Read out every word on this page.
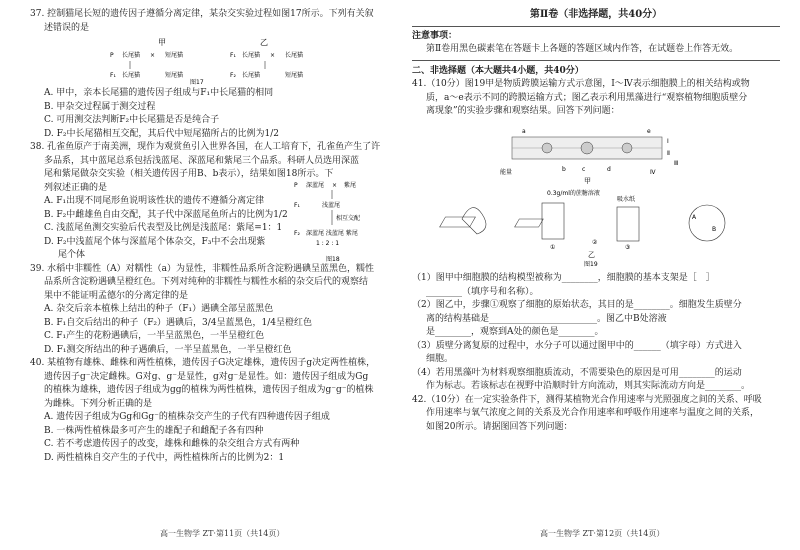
37. 控制猫尾长短的遗传因子遵循分离定律，某杂交实验过程如图17所示。下列有关叙

述错误的是

甲	乙
P 长尾猫 × 短尾猫
F₁ 长尾猫	短尾猫
F₁ 长尾猫 × 长尾猫
F₂ 长尾猫	短尾猫
图17

A. 甲中，亲本长尾猫的遗传因子组成与F₁中长尾猫的相同

B. 甲杂交过程属于测交过程

C. 可用测交法判断F₂中长尾猫是否是纯合子

D. F₂中长尾猫相互交配，其后代中短尾猫所占的比例为1/2

38. 孔雀鱼原产于南美洲，现作为观赏鱼引入世界各国，在人工培育下，孔雀鱼产生了许

多品系，其中蓝尾总系包括浅蓝尾、深蓝尾和紫尾三个品系。科研人员选用深蓝

尾和紫尾做杂交实验（相关遗传因子用B、b表示），结果如图18所示。下

列叙述正确的是

A. F₁出现不同尾形鱼说明该性状的遗传不遵循分离定律

B. F₂中雌雄鱼自由交配，其子代中深蓝尾鱼所占的比例为1/2

C. 浅蓝尾鱼测交实验后代表型及比例是浅蓝尾：紫尾=1：1

D. F₂中浅蓝尾个体与深蓝尾个体杂交，F₃中不会出现紫

尾个体

P 深蓝尾 × 紫尾
F₁	浅蓝尾
相互交配
F₂ 深蓝尾 浅蓝尾 紫尾
1 : 2 : 1
图18

39. 水稻中非糯性（A）对糯性（a）为显性，非糯性品系所含淀粉遇碘呈蓝黑色，糯性

品系所含淀粉遇碘呈橙红色。下列对纯种的非糯性与糯性水稻的杂交后代的观察结

果中不能证明孟德尔的分离定律的是

A. 杂交后亲本植株上结出的种子（F₁）遇碘全部呈蓝黑色

B. F₁自交后结出的种子（F₂）遇碘后，3/4呈蓝黑色，1/4呈橙红色

C. F₁产生的花粉遇碘后，一半呈蓝黑色，一半呈橙红色

D. F₁测交所结出的种子遇碘后，一半呈蓝黑色，一半呈橙红色

40. 某植物有雄株、雌株和两性植株，遗传因子G决定雄株，遗传因子g决定两性植株，

遗传因子g⁻决定雌株。G对g、g⁻是显性，g对g⁻是显性。如：遗传因子组成为Gg

的植株为雄株，遗传因子组成为gg的植株为两性植株，遗传因子组成为g⁻g⁻的植株

为雌株。下列分析正确的是

A. 遗传因子组成为Gg和Gg⁻的植株杂交产生的子代有四种遗传因子组成

B. 一株两性植株最多可产生的雄配子和雌配子各有四种

C. 若不考虑遗传因子的改变，雄株和雌株的杂交组合方式有两种

D. 两性植株自交产生的子代中，两性植株所占的比例为2：1

高一生物学 ZT·第11页（共14页）
第Ⅱ卷（非选择题，共40分）
注意事项：
第Ⅱ卷用黑色碳素笔在答题卡上各题的答题区域内作答，在试题卷上作答无效。
二、非选择题（本大题共4小题，共40分）

41.（10分）图19甲是物质跨膜运输方式示意图，Ⅰ～Ⅳ表示细胞膜上的相关结构或物

质，a～e表示不同的跨膜运输方式；图乙表示利用黑藻进行“观察植物细胞质壁分

离现象”的实验步骤和观察结果。回答下列问题：

a
b	c	d
e
Ⅰ
Ⅱ
Ⅲ
Ⅳ
能量
甲
0.3g/ml的蔗糖溶液
吸水纸
①
②
③
A
B
乙
图19

（1）图甲中细胞膜的结构模型被称为________，细胞膜的基本支架是［　］

________（填序号和名称）。

（2）图乙中，步骤①观察了细胞的原始状态，其目的是________。细胞发生质壁分

离的结构基础是________________________。图乙中B处溶液

是________，观察到A处的颜色是________。

（3）质壁分离复原的过程中，水分子可以通过图甲中的______（填字母）方式进入

细胞。

（4）若用黑藻叶为材料观察细胞质流动，不需要染色的原因是可用________的运动

作为标志。若该标志在视野中沿顺时针方向流动，则其实际流动方向是________。

42.（10分）在一定实验条件下，测得某植物光合作用速率与光照强度之间的关系、呼吸

作用速率与氧气浓度之间的关系及光合作用速率和呼吸作用速率与温度之间的关系，

如图20所示。请据图回答下列问题：

高一生物学 ZT·第12页（共14页）
